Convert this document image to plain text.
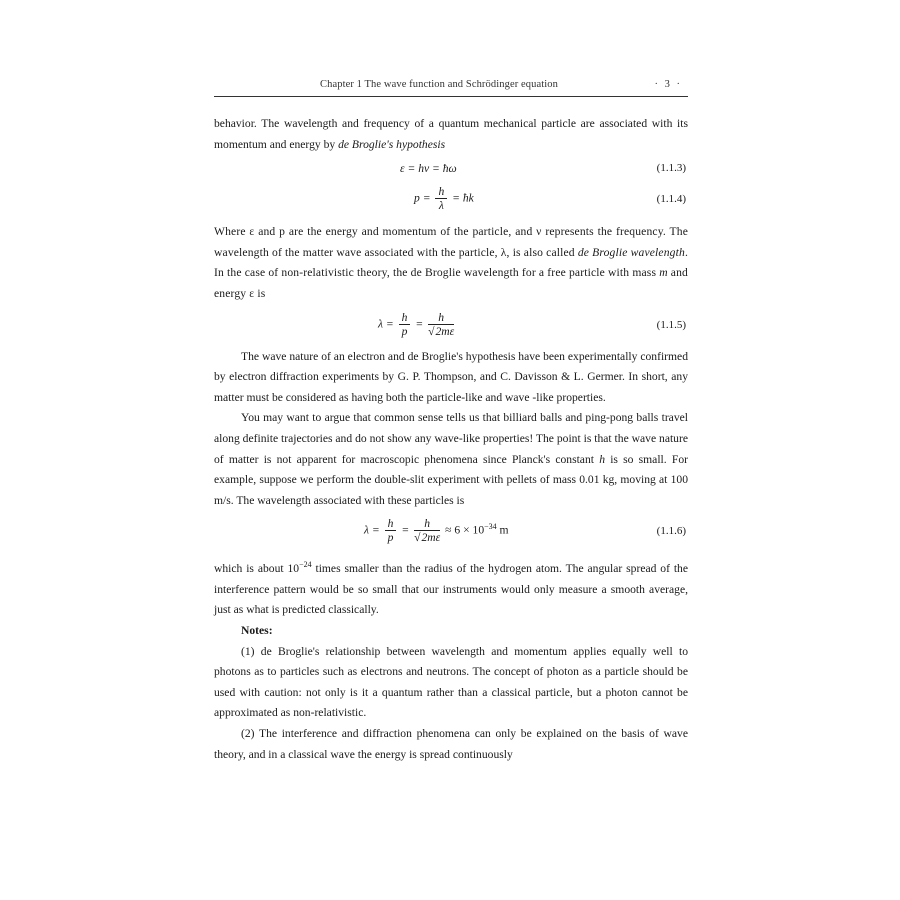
Chapter 1 The wave function and Schrödinger equation	· 3 ·

behavior. The wavelength and frequency of a quantum mechanical particle are associated with its momentum and energy by de Broglie's hypothesis

ε = hν = ħω	(1.1.3)
$p = \frac{h}{\lambda}$ = ħk	(1.1.4)

Where ε and p are the energy and momentum of the particle, and ν represents the frequency. The wavelength of the matter wave associated with the particle, λ, is also called de Broglie wavelength. In the case of non-relativistic theory, the de Broglie wavelength for a free particle with mass m and energy ε is

$\lambda = \frac{h}{p} = \frac{h}{√2m\varepsilon}$	(1.1.5)

The wave nature of an electron and de Broglie's hypothesis have been experimentally confirmed by electron diffraction experiments by G. P. Thompson, and C. Davisson & L. Germer. In short, any matter must be considered as having both the particle-like and wave -like properties.

You may want to argue that common sense tells us that billiard balls and ping-pong balls travel along definite trajectories and do not show any wave-like properties! The point is that the wave nature of matter is not apparent for macroscopic phenomena since Planck's constant h is so small. For example, suppose we perform the double-slit experiment with pellets of mass 0.01 kg, moving at 100 m/s. The wavelength associated with these particles is

$\lambda = \frac{h}{p} = \frac{h}{√2m\varepsilon} \approx 6 \times 10^{-34}$ m	(1.1.6)

which is about $10^{-24}$ times smaller than the radius of the hydrogen atom. The angular spread of the interference pattern would be so small that our instruments would only measure a smooth average, just as what is predicted classically.

Notes:

(1) de Broglie's relationship between wavelength and momentum applies equally well to photons as to particles such as electrons and neutrons. The concept of photon as a particle should be used with caution: not only is it a quantum rather than a classical particle, but a photon cannot be approximated as non-relativistic.

(2) The interference and diffraction phenomena can only be explained on the basis of wave theory, and in a classical wave the energy is spread continuously
